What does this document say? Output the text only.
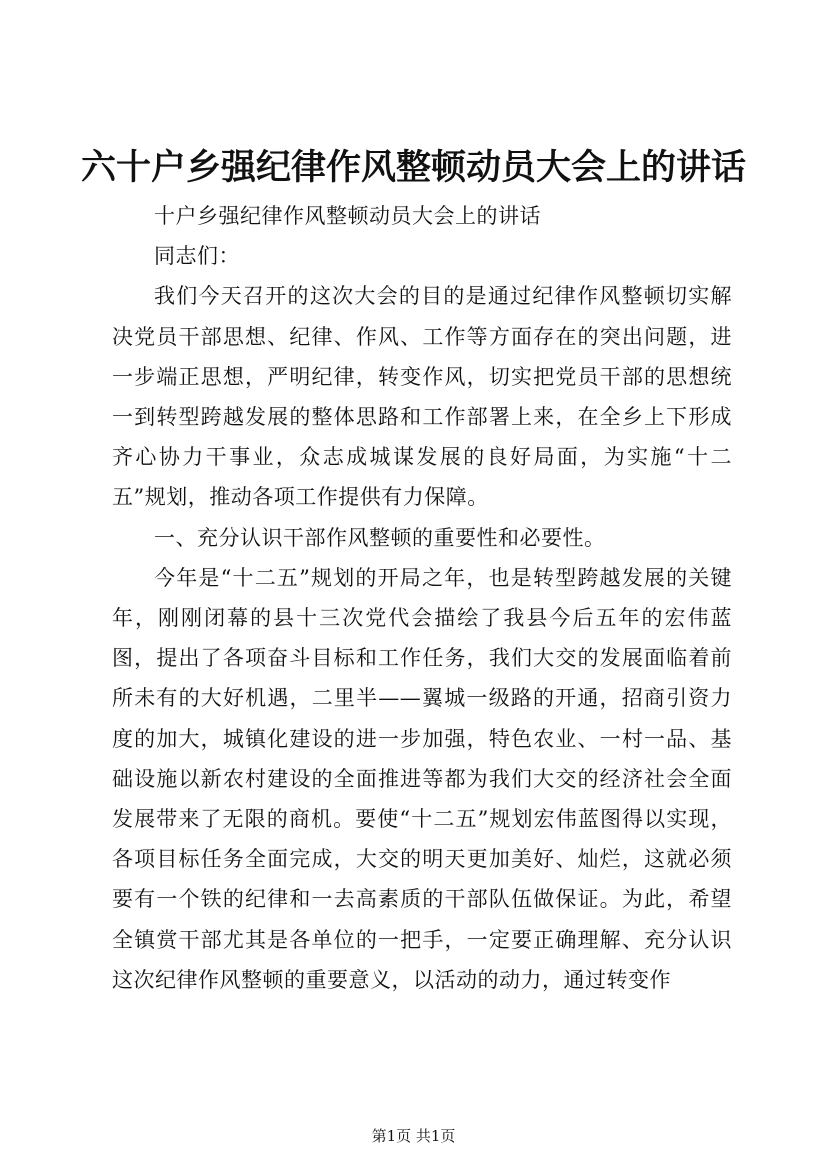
六十户乡强纪律作风整顿动员大会上的讲话

十户乡强纪律作风整顿动员大会上的讲话

同志们：

我们今天召开的这次大会的目的是通过纪律作风整顿切实解决党员干部思想、纪律、作风、工作等方面存在的突出问题，进一步端正思想，严明纪律，转变作风，切实把党员干部的思想统一到转型跨越发展的整体思路和工作部署上来，在全乡上下形成齐心协力干事业，众志成城谋发展的良好局面，为实施“十二五”规划，推动各项工作提供有力保障。

一、充分认识干部作风整顿的重要性和必要性。

今年是“十二五”规划的开局之年，也是转型跨越发展的关键年，刚刚闭幕的县十三次党代会描绘了我县今后五年的宏伟蓝图，提出了各项奋斗目标和工作任务，我们大交的发展面临着前所未有的大好机遇，二里半——翼城一级路的开通，招商引资力度的加大，城镇化建设的进一步加强，特色农业、一村一品、基础设施以新农村建设的全面推进等都为我们大交的经济社会全面发展带来了无限的商机。要使“十二五”规划宏伟蓝图得以实现，各项目标任务全面完成，大交的明天更加美好、灿烂，这就必须要有一个铁的纪律和一去高素质的干部队伍做保证。为此，希望全镇赏干部尤其是各单位的一把手，一定要正确理解、充分认识这次纪律作风整顿的重要意义，以活动的动力，通过转变作

第1页 共1页
